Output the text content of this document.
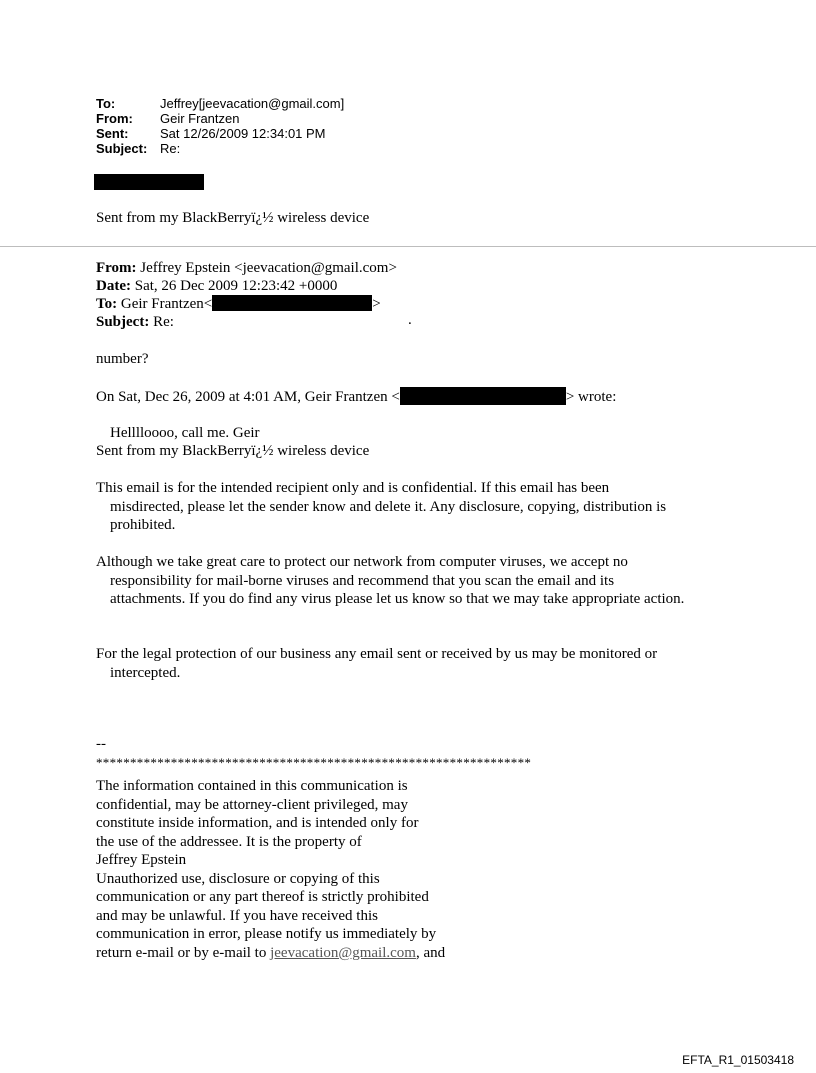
To:	Jeffrey[jeevacation@gmail.com]
From:	Geir Frantzen
Sent:	Sat 12/26/2009 12:34:01 PM
Subject: Re:
Sent from my BlackBerryï¿½ wireless device
From: Jeffrey Epstein <jeevacation@gmail.com>
Date: Sat, 26 Dec 2009 12:23:42 +0000
To: Geir Frantzen<	>
Subject: Re:	.
number?
On Sat, Dec 26, 2009 at 4:01 AM, Geir Frantzen <	> wrote:
Helllloooo, call me. Geir
Sent from my BlackBerryï¿½ wireless device
This email is for the intended recipient only and is confidential. If this email has been
misdirected, please let the sender know and delete it. Any disclosure, copying, distribution is prohibited.
Although we take great care to protect our network from computer viruses, we accept no
responsibility for mail-borne viruses and recommend that you scan the email and its attachments. If you do find any virus please let us know so that we may take appropriate action.
For the legal protection of our business any email sent or received by us may be monitored or
intercepted.
--
****************************************************************
The information contained in this communication is
confidential, may be attorney-client privileged, may
constitute inside information, and is intended only for
the use of the addressee. It is the property of
Jeffrey Epstein
Unauthorized use, disclosure or copying of this
communication or any part thereof is strictly prohibited
and may be unlawful. If you have received this
communication in error, please notify us immediately by
return e-mail or by e-mail to jeevacation@gmail.com, and
EFTA_R1_01503418
